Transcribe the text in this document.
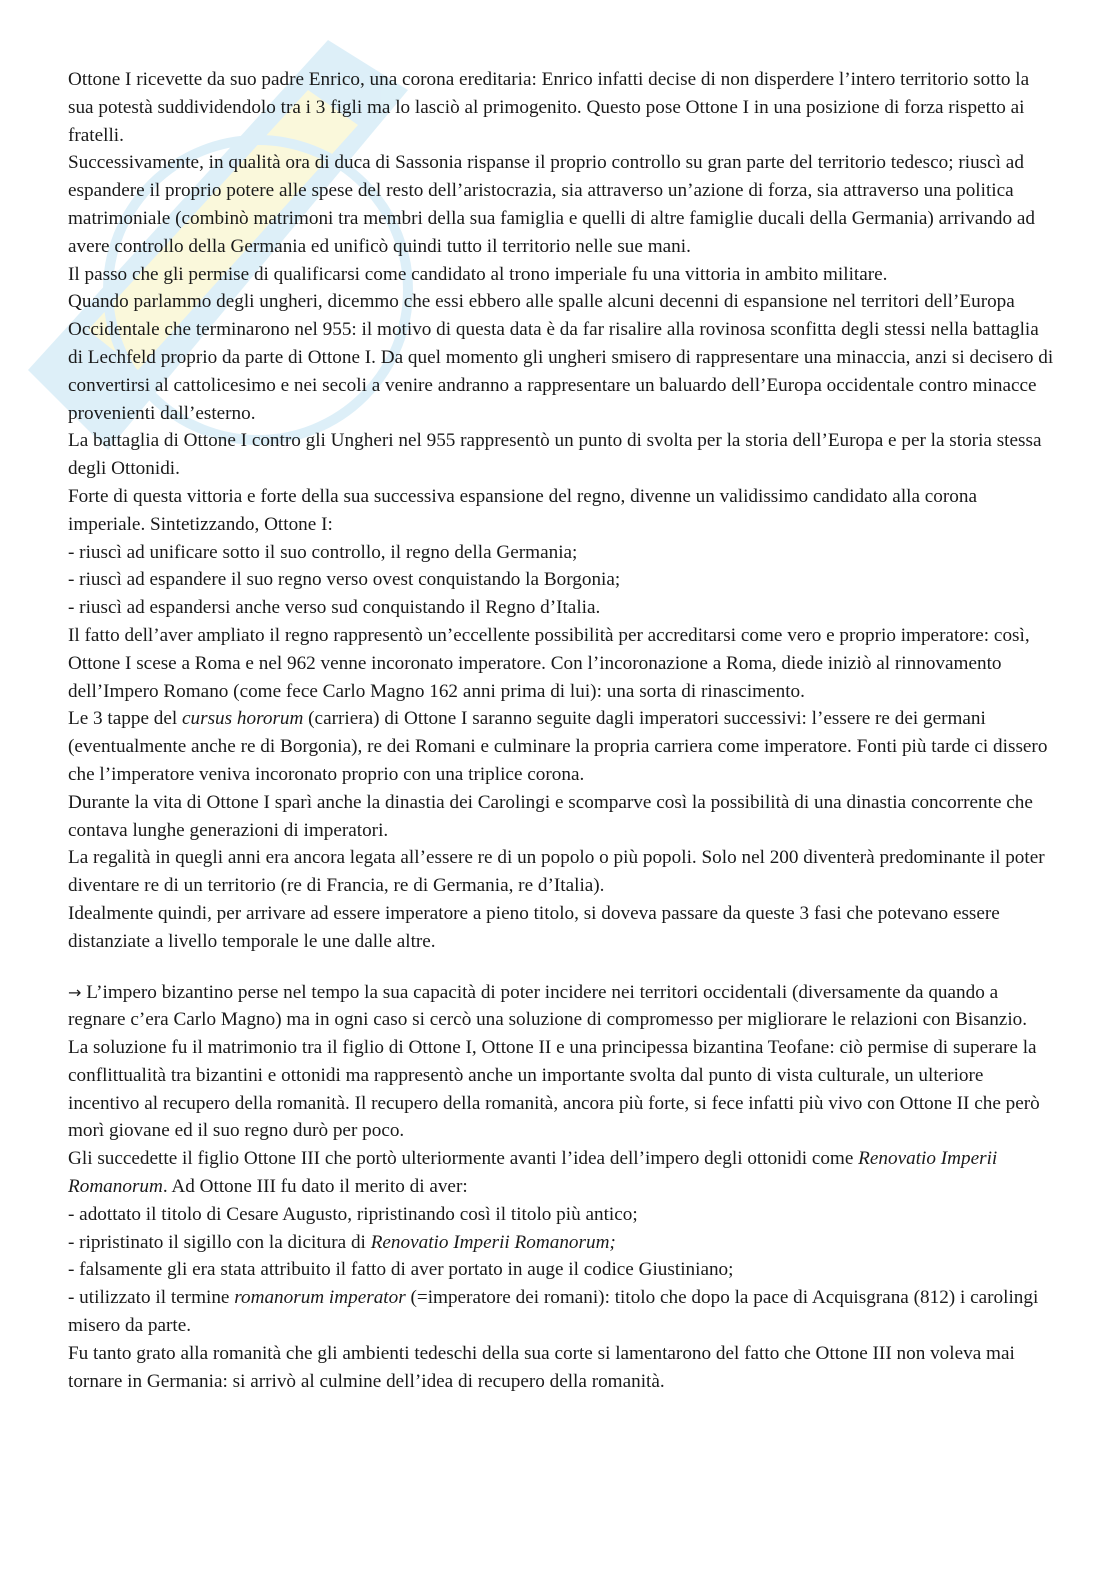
Ottone I ricevette da suo padre Enrico, una corona ereditaria: Enrico infatti decise di non disperdere l’intero territorio sotto la sua potestà suddividendolo tra i 3 figli ma lo lasciò al primogenito. Questo pose Ottone I in una posizione di forza rispetto ai fratelli.

Successivamente, in qualità ora di duca di Sassonia rispanse il proprio controllo su gran parte del territorio tedesco; riuscì ad espandere il proprio potere alle spese del resto dell’aristocrazia, sia attraverso un’azione di forza, sia attraverso una politica matrimoniale (combinò matrimoni tra membri della sua famiglia e quelli di altre famiglie ducali della Germania) arrivando ad avere controllo della Germania ed unificò quindi tutto il territorio nelle sue mani.

Il passo che gli permise di qualificarsi come candidato al trono imperiale fu una vittoria in ambito militare.

Quando parlammo degli ungheri, dicemmo che essi ebbero alle spalle alcuni decenni di espansione nel territori dell’Europa Occidentale che terminarono nel 955: il motivo di questa data è da far risalire alla rovinosa sconfitta degli stessi nella battaglia di Lechfeld proprio da parte di Ottone I. Da quel momento gli ungheri smisero di rappresentare una minaccia, anzi si decisero di convertirsi al cattolicesimo e nei secoli a venire andranno a rappresentare un baluardo dell’Europa occidentale contro minacce provenienti dall’esterno.

La battaglia di Ottone I contro gli Ungheri nel 955 rappresentò un punto di svolta per la storia dell’Europa e per la storia stessa degli Ottonidi.

Forte di questa vittoria e forte della sua successiva espansione del regno, divenne un validissimo candidato alla corona imperiale. Sintetizzando, Ottone I:

- riuscì ad unificare sotto il suo controllo, il regno della Germania;

- riuscì ad espandere il suo regno verso ovest conquistando la Borgonia;

- riuscì ad espandersi anche verso sud conquistando il Regno d’Italia.

Il fatto dell’aver ampliato il regno rappresentò un’eccellente possibilità per accreditarsi come vero e proprio imperatore: così, Ottone I scese a Roma e nel 962 venne incoronato imperatore. Con l’incoronazione a Roma, diede iniziò al rinnovamento dell’Impero Romano (come fece Carlo Magno 162 anni prima di lui): una sorta di rinascimento.

Le 3 tappe del cursus hororum (carriera) di Ottone I saranno seguite dagli imperatori successivi: l’essere re dei germani (eventualmente anche re di Borgonia), re dei Romani e culminare la propria carriera come imperatore. Fonti più tarde ci dissero che l’imperatore veniva incoronato proprio con una triplice corona.

Durante la vita di Ottone I sparì anche la dinastia dei Carolingi e scomparve così la possibilità di una dinastia concorrente che contava lunghe generazioni di imperatori.

La regalità in quegli anni era ancora legata all’essere re di un popolo o più popoli. Solo nel 200 diventerà predominante il poter diventare re di un territorio (re di Francia, re di Germania, re d’Italia).

Idealmente quindi, per arrivare ad essere imperatore a pieno titolo, si doveva passare da queste 3 fasi che potevano essere distanziate a livello temporale le une dalle altre.

→ L’impero bizantino perse nel tempo la sua capacità di poter incidere nei territori occidentali (diversamente da quando a regnare c’era Carlo Magno) ma in ogni caso si cercò una soluzione di compromesso per migliorare le relazioni con Bisanzio.

La soluzione fu il matrimonio tra il figlio di Ottone I, Ottone II e una principessa bizantina Teofane: ciò permise di superare la conflittualità tra bizantini e ottonidi ma rappresentò anche un importante svolta dal punto di vista culturale, un ulteriore incentivo al recupero della romanità. Il recupero della romanità, ancora più forte, si fece infatti più vivo con Ottone II che però morì giovane ed il suo regno durò per poco.

Gli succedette il figlio Ottone III che portò ulteriormente avanti l’idea dell’impero degli ottonidi come Renovatio Imperii Romanorum. Ad Ottone III fu dato il merito di aver:

- adottato il titolo di Cesare Augusto, ripristinando così il titolo più antico;

- ripristinato il sigillo con la dicitura di Renovatio Imperii Romanorum;

- falsamente gli era stata attribuito il fatto di aver portato in auge il codice Giustiniano;

- utilizzato il termine romanorum imperator (=imperatore dei romani): titolo che dopo la pace di Acquisgrana (812) i carolingi misero da parte.

Fu tanto grato alla romanità che gli ambienti tedeschi della sua corte si lamentarono del fatto che Ottone III non voleva mai tornare in Germania: si arrivò al culmine dell’idea di recupero della romanità.
